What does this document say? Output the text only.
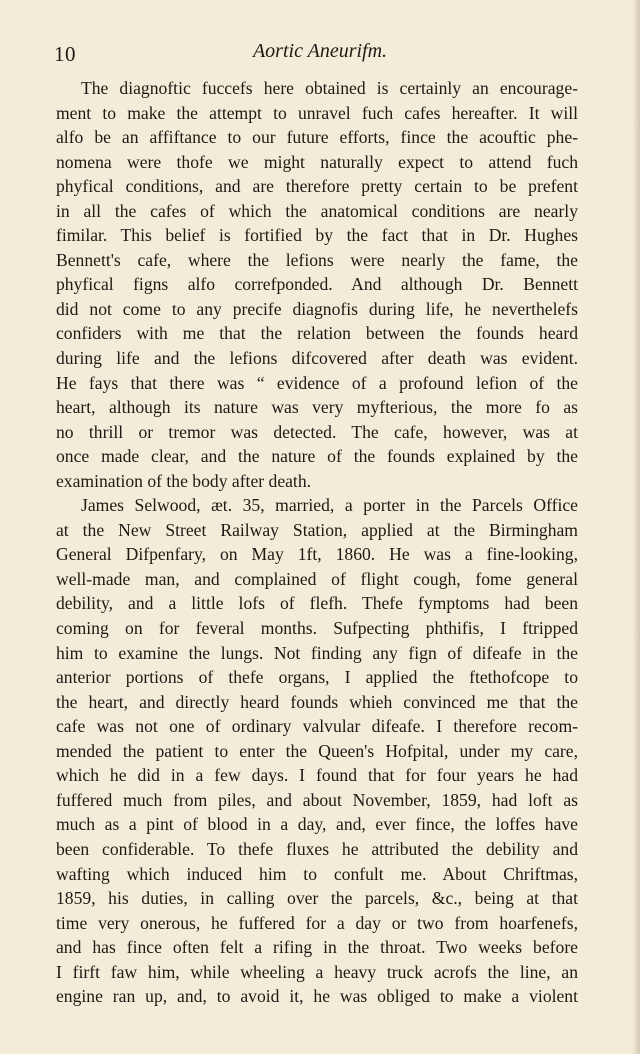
10	Aortic Aneurifm.
The diagnoftic fuccefs here obtained is certainly an encourage-
ment to make the attempt to unravel fuch cafes hereafter. It will
alfo be an affiftance to our future efforts, fince the acouftic phe-
nomena were thofe we might naturally expect to attend fuch
phyfical conditions, and are therefore pretty certain to be prefent
in all the cafes of which the anatomical conditions are nearly
fimilar. This belief is fortified by the fact that in Dr. Hughes
Bennett's cafe, where the lefions were nearly the fame, the
phyfical figns alfo correfponded. And although Dr. Bennett
did not come to any precife diagnofis during life, he neverthelefs
confiders with me that the relation between the founds heard
during life and the lefions difcovered after death was evident.
He fays that there was “ evidence of a profound lefion of the
heart, although its nature was very myfterious, the more fo as
no thrill or tremor was detected. The cafe, however, was at
once made clear, and the nature of the founds explained by the
examination of the body after death.
James Selwood, æt. 35, married, a porter in the Parcels Office
at the New Street Railway Station, applied at the Birmingham
General Difpenfary, on May 1ft, 1860. He was a fine-looking,
well-made man, and complained of flight cough, fome general
debility, and a little lofs of flefh. Thefe fymptoms had been
coming on for feveral months. Sufpecting phthifis, I ftripped
him to examine the lungs. Not finding any fign of difeafe in the
anterior portions of thefe organs, I applied the ftethofcope to
the heart, and directly heard founds whieh convinced me that the
cafe was not one of ordinary valvular difeafe. I therefore recom-
mended the patient to enter the Queen's Hofpital, under my care,
which he did in a few days. I found that for four years he had
fuffered much from piles, and about November, 1859, had loft as
much as a pint of blood in a day, and, ever fince, the loffes have
been confiderable. To thefe fluxes he attributed the debility and
wafting which induced him to confult me. About Chriftmas,
1859, his duties, in calling over the parcels, &c., being at that
time very onerous, he fuffered for a day or two from hoarfenefs,
and has fince often felt a rifing in the throat. Two weeks before
I firft faw him, while wheeling a heavy truck acrofs the line, an
engine ran up, and, to avoid it, he was obliged to make a violent
